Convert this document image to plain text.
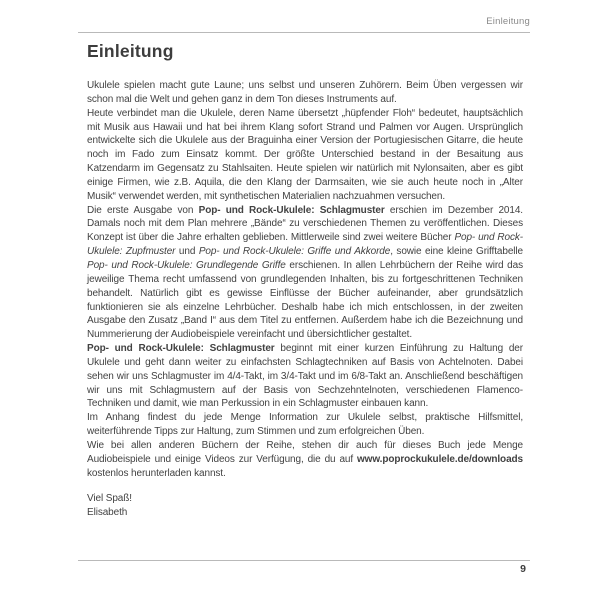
Einleitung
Einleitung

Ukulele spielen macht gute Laune; uns selbst und unseren Zuhörern. Beim Üben vergessen wir schon mal die Welt und gehen ganz in dem Ton dieses Instruments auf.

Heute verbindet man die Ukulele, deren Name übersetzt „hüpfender Floh“ bedeutet, hauptsächlich mit Musik aus Hawaii und hat bei ihrem Klang sofort Strand und Palmen vor Augen. Ursprünglich entwickelte sich die Ukulele aus der Braguinha einer Version der Portugiesischen Gitarre, die heute noch im Fado zum Einsatz kommt. Der größte Unterschied bestand in der Besaitung aus Katzendarm im Gegensatz zu Stahlsaiten. Heute spielen wir natürlich mit Nylonsaiten, aber es gibt einige Firmen, wie z.B. Aquila, die den Klang der Darmsaiten, wie sie auch heute noch in „Alter Musik“ verwendet werden, mit synthetischen Materialien nachzuahmen versuchen.

Die erste Ausgabe von Pop- und Rock-Ukulele: Schlagmuster erschien im Dezember 2014. Damals noch mit dem Plan mehrere „Bände“ zu verschiedenen Themen zu veröffentlichen. Dieses Konzept ist über die Jahre erhalten geblieben. Mittlerweile sind zwei weitere Bücher Pop- und Rock-Ukulele: Zupfmuster und Pop- und Rock-Ukulele: Griffe und Akkorde, sowie eine kleine Grifftabelle Pop- und Rock-Ukulele: Grundlegende Griffe erschienen. In allen Lehrbüchern der Reihe wird das jeweilige Thema recht umfassend von grundlegenden Inhalten, bis zu fortgeschrittenen Techniken behandelt. Natürlich gibt es gewisse Einflüsse der Bücher aufeinander, aber grundsätzlich funktionieren sie als einzelne Lehrbücher. Deshalb habe ich mich entschlossen, in der zweiten Ausgabe den Zusatz „Band I“ aus dem Titel zu entfernen. Außerdem habe ich die Bezeichnung und Nummerierung der Audiobeispiele vereinfacht und übersichtlicher gestaltet.

Pop- und Rock-Ukulele: Schlagmuster beginnt mit einer kurzen Einführung zu Haltung der Ukulele und geht dann weiter zu einfachsten Schlagtechniken auf Basis von Achtelnoten. Dabei sehen wir uns Schlagmuster im 4/4-Takt, im 3/4-Takt und im 6/8-Takt an. Anschließend beschäftigen wir uns mit Schlagmustern auf der Basis von Sechzehntelnoten, verschiedenen Flamenco-Techniken und damit, wie man Perkussion in ein Schlagmuster einbauen kann.

Im Anhang findest du jede Menge Information zur Ukulele selbst, praktische Hilfsmittel, weiterführende Tipps zur Haltung, zum Stimmen und zum erfolgreichen Üben.

Wie bei allen anderen Büchern der Reihe, stehen dir auch für dieses Buch jede Menge Audiobeispiele und einige Videos zur Verfügung, die du auf www.poprockukulele.de/downloads kostenlos herunterladen kannst.

Viel Spaß!
Elisabeth
9
